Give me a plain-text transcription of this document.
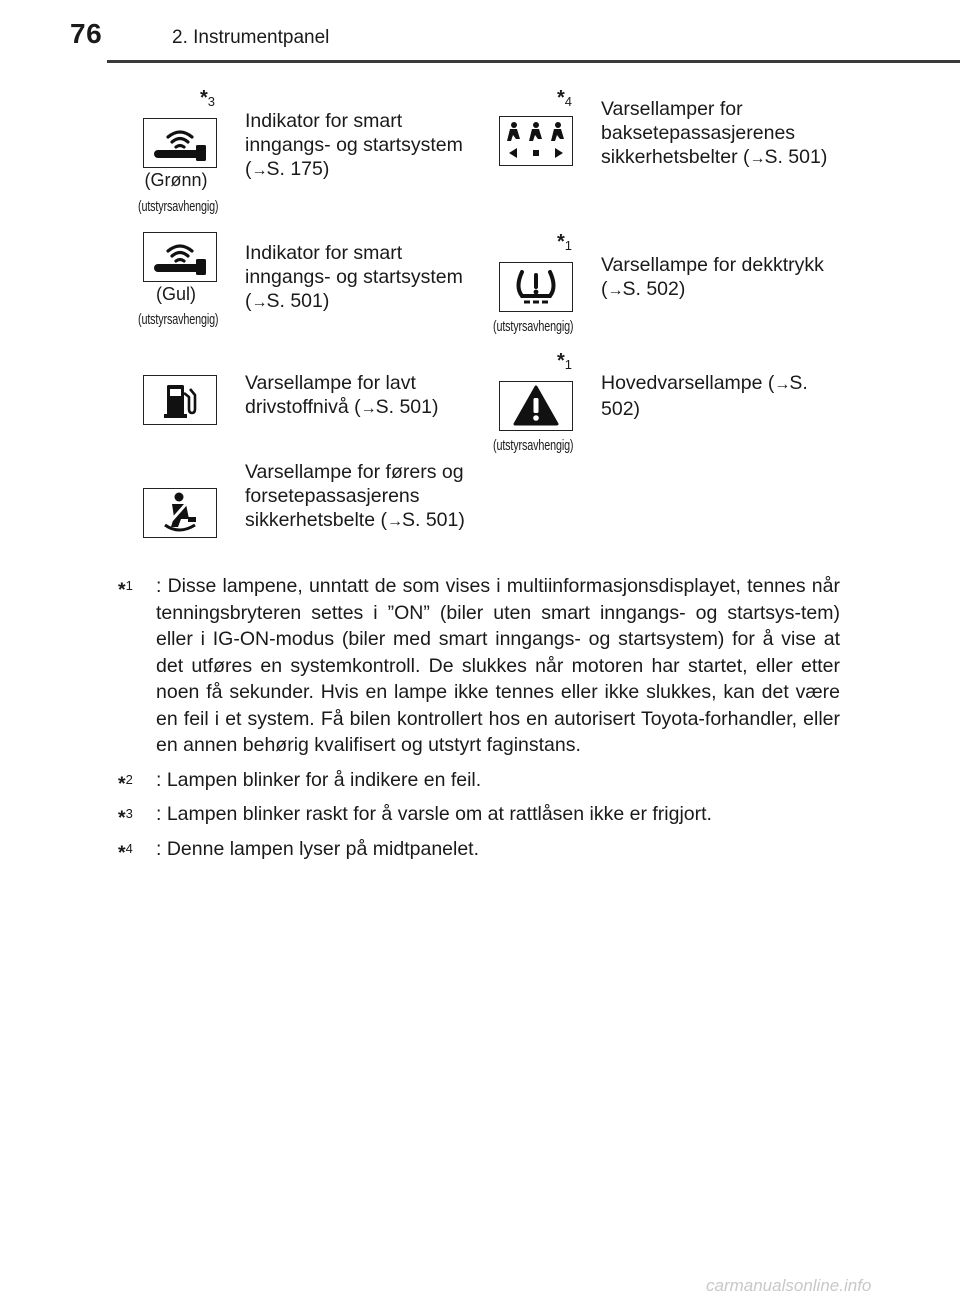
76	2. Instrumentpanel
*$^3$
(Grønn)
(utstyrsavhengig)
Indikator for smart inngangs- og startsystem (→S. 175)
*$^4$ Varsellamper for baksetepassasjerenes sikkerhetsbelter (→S. 501)
(Gul)
(utstyrsavhengig)
Indikator for smart inngangs- og startsystem (→S. 501)
*$^1$
(utstyrsavhengig)
Varsellampe for dekktrykk (→S. 502)
Varsellampe for lavt drivstoffnivå (→S. 501)
*$^1$
(utstyrsavhengig)
Hovedvarsellampe (→S. 502)
Varsellampe for førers og forsetepassasjerens sikkerhetsbelte (→S. 501)
*$^1$ : Disse lampene, unntatt de som vises i multiinformasjonsdisplayet, tennes når tenningsbryteren settes i ”ON” (biler uten smart inngangs- og startsys-tem) eller i IG-ON-modus (biler med smart inngangs- og startsystem) for å vise at det utføres en systemkontroll. De slukkes når motoren har startet, eller etter noen få sekunder. Hvis en lampe ikke tennes eller ikke slukkes, kan det være en feil i et system. Få bilen kontrollert hos en autorisert Toyota-forhandler, eller en annen behørig kvalifisert og utstyrt faginstans.
*$^2$ : Lampen blinker for å indikere en feil.
*$^3$ : Lampen blinker raskt for å varsle om at rattlåsen ikke er frigjort.
*$^4$ : Denne lampen lyser på midtpanelet.
carmanualsonline.info
